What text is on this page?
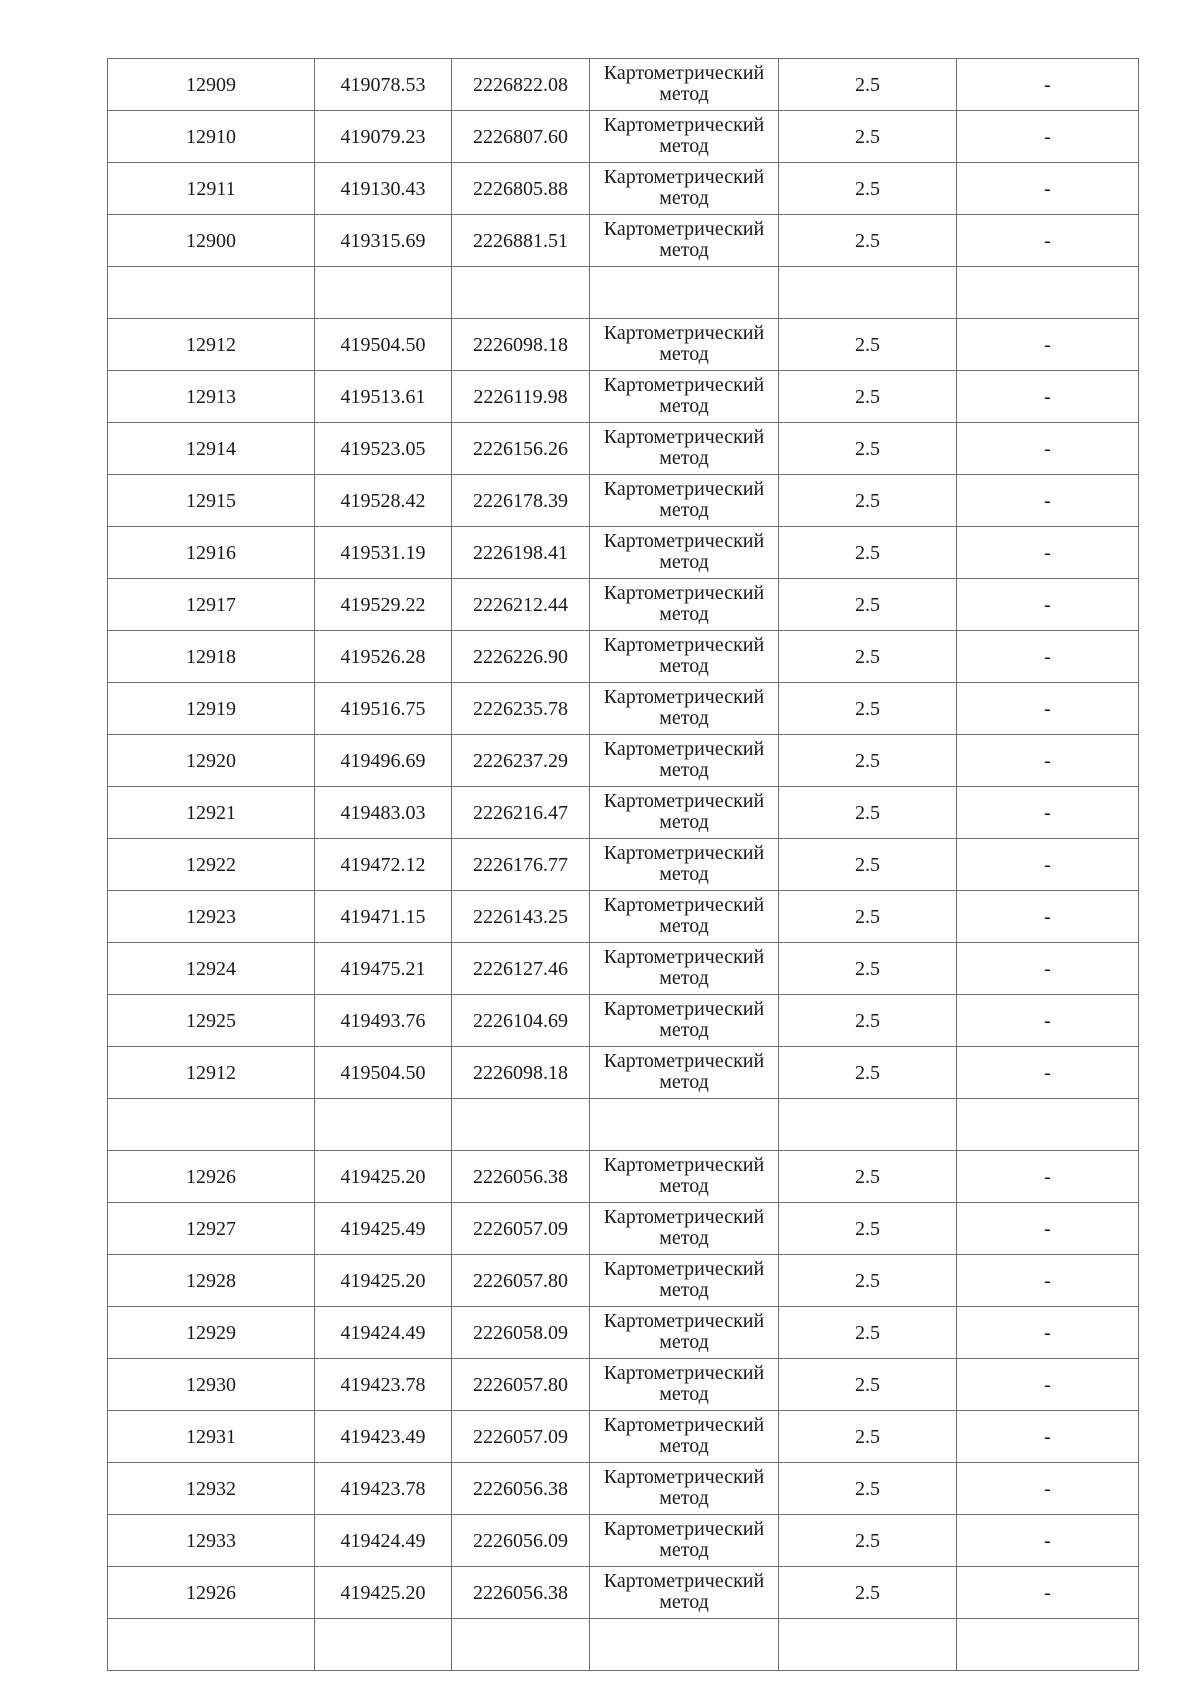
12909	419078.53	2226822.08	Картометрический метод	2.5	-
12910	419079.23	2226807.60	Картометрический метод	2.5	-
12911	419130.43	2226805.88	Картометрический метод	2.5	-
12900	419315.69	2226881.51	Картометрический метод	2.5	-

12912	419504.50	2226098.18	Картометрический метод	2.5	-
12913	419513.61	2226119.98	Картометрический метод	2.5	-
12914	419523.05	2226156.26	Картометрический метод	2.5	-
12915	419528.42	2226178.39	Картометрический метод	2.5	-
12916	419531.19	2226198.41	Картометрический метод	2.5	-
12917	419529.22	2226212.44	Картометрический метод	2.5	-
12918	419526.28	2226226.90	Картометрический метод	2.5	-
12919	419516.75	2226235.78	Картометрический метод	2.5	-
12920	419496.69	2226237.29	Картометрический метод	2.5	-
12921	419483.03	2226216.47	Картометрический метод	2.5	-
12922	419472.12	2226176.77	Картометрический метод	2.5	-
12923	419471.15	2226143.25	Картометрический метод	2.5	-
12924	419475.21	2226127.46	Картометрический метод	2.5	-
12925	419493.76	2226104.69	Картометрический метод	2.5	-
12912	419504.50	2226098.18	Картометрический метод	2.5	-

12926	419425.20	2226056.38	Картометрический метод	2.5	-
12927	419425.49	2226057.09	Картометрический метод	2.5	-
12928	419425.20	2226057.80	Картометрический метод	2.5	-
12929	419424.49	2226058.09	Картометрический метод	2.5	-
12930	419423.78	2226057.80	Картометрический метод	2.5	-
12931	419423.49	2226057.09	Картометрический метод	2.5	-
12932	419423.78	2226056.38	Картометрический метод	2.5	-
12933	419424.49	2226056.09	Картометрический метод	2.5	-
12926	419425.20	2226056.38	Картометрический метод	2.5	-
